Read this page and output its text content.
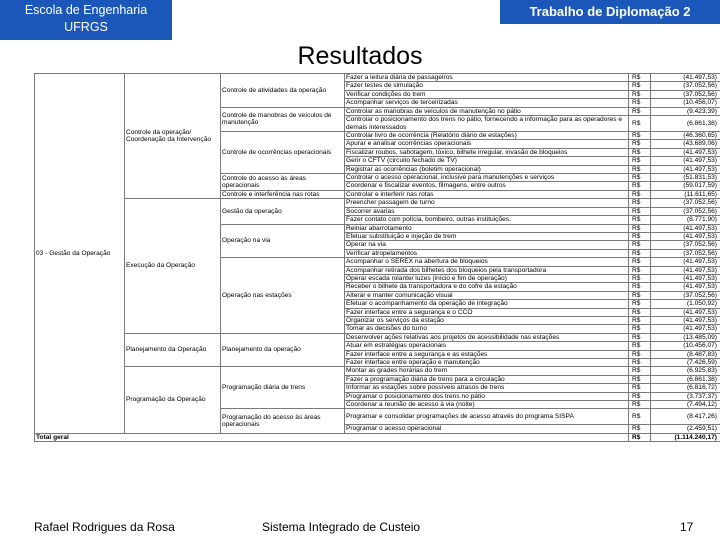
Escola de Engenharia
UFRGS
Trabalho de Diplomação 2
Resultados
03 - Gestão da Operação	Controle da operação/ Coordenação da Intervenção	Controle de atividades da operação	Fazer a leitura diária de passageiros	R$	(41.497,53)
			Fazer testes de simulação	R$	(37.052,56)
			Verificar condições do trem	R$	(37.052,56)
			Acompanhar serviços de terceirizadas	R$	(10.456,07)
		Controle de manobras de veículos de manutenção	Controlar as manobras de veículos de manutenção no pátio	R$	(9.423,39)
			Controlar o posicionamento dos trens no pátio, fornecendo a informação para as operadores e demais interessados	R$	(6.861,38)
		Controle de ocorrências operacionais	Controlar livro de ocorrência (Relatório diário de estações)	R$	(46.360,65)
			Apurar e analisar ocorrências operacionais	R$	(43.689,06)
			Fiscalizar roubos, sabotagem, tóxico, bilhete irregular, invasão de bloqueios	R$	(41.497,53)
			Gerir o CFTV (circuito fechado de TV)	R$	(41.497,53)
			Registrar as ocorrências (boletim operacional)	R$	(41.497,53)
		Controle do acesso às áreas operacionais	Controlar o acesso operacional, inclusive para manutenções e serviços	R$	(51.831,53)
			Coordenar e fiscalizar eventos, filmagens, entre outros	R$	(59.017,59)
		Controle e interferência nas rotas	Controlar e interferir nas rotas	R$	(11.611,65)
	Execução da Operação	Gestão da operação	Preencher passagem de turno	R$	(37.052,56)
			Socorrer avarias	R$	(37.052,56)
			Fazer contato com polícia, bombeiro, outras instituições.	R$	(8.771,90)
		Operação na via	Reiniar abarrotamento	R$	(41.497,53)
			Efetuar substituição e injeção de trem	R$	(41.497,53)
			Operar na via	R$	(37.052,56)
			Verificar atropelamentos	R$	(37.052,56)
		Operação nas estações	Acompanhar o SEREX na abertura de bloqueios	R$	(41.497,53)
			Acompanhar retirada dos bilhetes dos bloqueios pela transportadora	R$	(41.497,53)
			Operar escada rolante/ luzes (início e fim de operação)	R$	(41.497,53)
			Receber o bilhete da transportadora e do cofre da estação	R$	(41.497,53)
			Alterar e manter comunicação visual	R$	(37.052,56)
			Efetuar o acompanhamento da operação de integração	R$	(1.050,92)
			Fazer interface entre a segurança e o CCO	R$	(41.497,53)
			Organizar os serviços da estação	R$	(41.497,53)
			Tomar as decisões do turno	R$	(41.497,53)
	Planejamento da Operação	Planejamento da operação	Desenvolver ações relativas aos projetos de acessibilidade nas estações	R$	(13.485,09)
			Atuar em estratégias operacionais	R$	(10.456,07)
			Fazer interface entre a segurança e as estações	R$	(8.487,83)
			Fazer interface entre operação e manutenção	R$	(7.426,59)
	Programação da Operação	Programação diária de trens	Montar as grades horárias do trem	R$	(6.925,83)
			Fazer a programação diária de trens para a circulação	R$	(6.861,38)
			Informar as estações sobre possíveis atrasos de trens	R$	(6.816,72)
			Programar o posicionamento dos trens no pátio	R$	(3.737,37)
			Coordenar a reunião de acesso à via (noite)	R$	(7.494,12)
		Programação do acesso às áreas operacionais	Programar e consolidar programações de acesso através do programa SISPA	R$	(8.417,26)
			Programar o acesso operacional	R$	(2.459,51)
Total geral				R$	(1.114.240,17)
Rafael Rodrigues da Rosa	Sistema Integrado de Custeio	17
